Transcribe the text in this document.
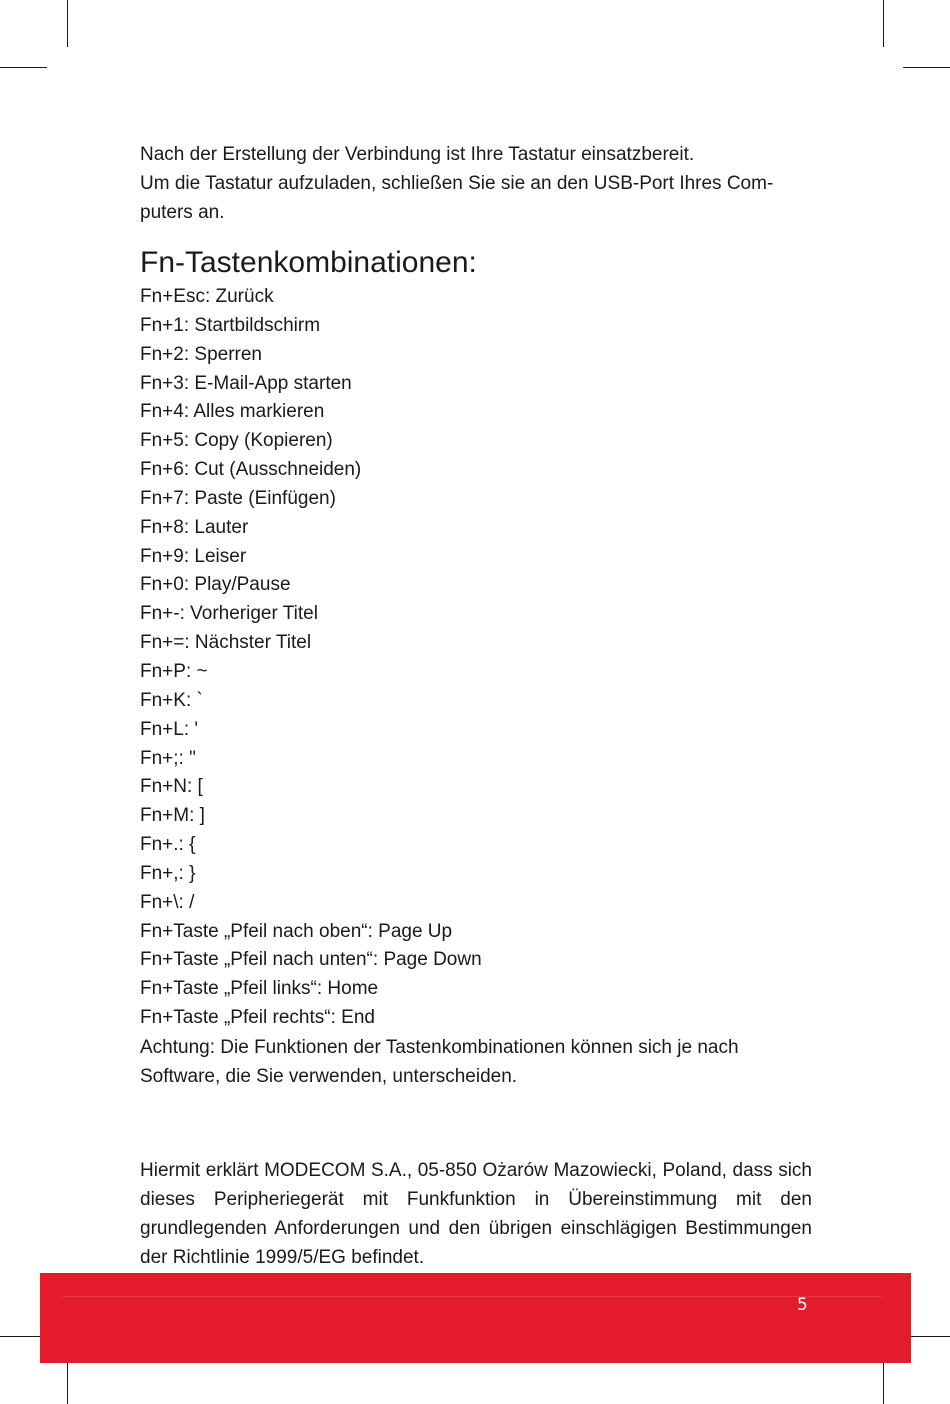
Nach der Erstellung der Verbindung ist Ihre Tastatur einsatzbereit.

Um die Tastatur aufzuladen, schließen Sie sie an den USB-Port Ihres Com-

puters an.

Fn-Tastenkombinationen:
Fn+Esc: Zurück
Fn+1: Startbildschirm
Fn+2: Sperren
Fn+3: E-Mail-App starten
Fn+4: Alles markieren
Fn+5: Copy (Kopieren)
Fn+6: Cut (Ausschneiden)
Fn+7: Paste (Einfügen)
Fn+8: Lauter
Fn+9: Leiser
Fn+0: Play/Pause
Fn+-: Vorheriger Titel
Fn+=: Nächster Titel
Fn+P: ~
Fn+K: `
Fn+L: '
Fn+;: "
Fn+N: [
Fn+M: ]
Fn+.: {
Fn+,: }
Fn+\: /
Fn+Taste „Pfeil nach oben“: Page Up
Fn+Taste „Pfeil nach unten“: Page Down
Fn+Taste „Pfeil links“: Home
Fn+Taste „Pfeil rechts“: End

Achtung: Die Funktionen der Tastenkombinationen können sich je nach

Software, die Sie verwenden, unterscheiden.

Hiermit erklärt MODECOM S.A., 05-850 Ożarów Mazowiecki, Poland, dass sich dieses Peripheriegerät mit Funkfunktion in Übereinstimmung mit den grundlegenden Anforderungen und den übrigen einschlägigen Bestimmungen der Richtlinie 1999/5/EG befindet.

5
